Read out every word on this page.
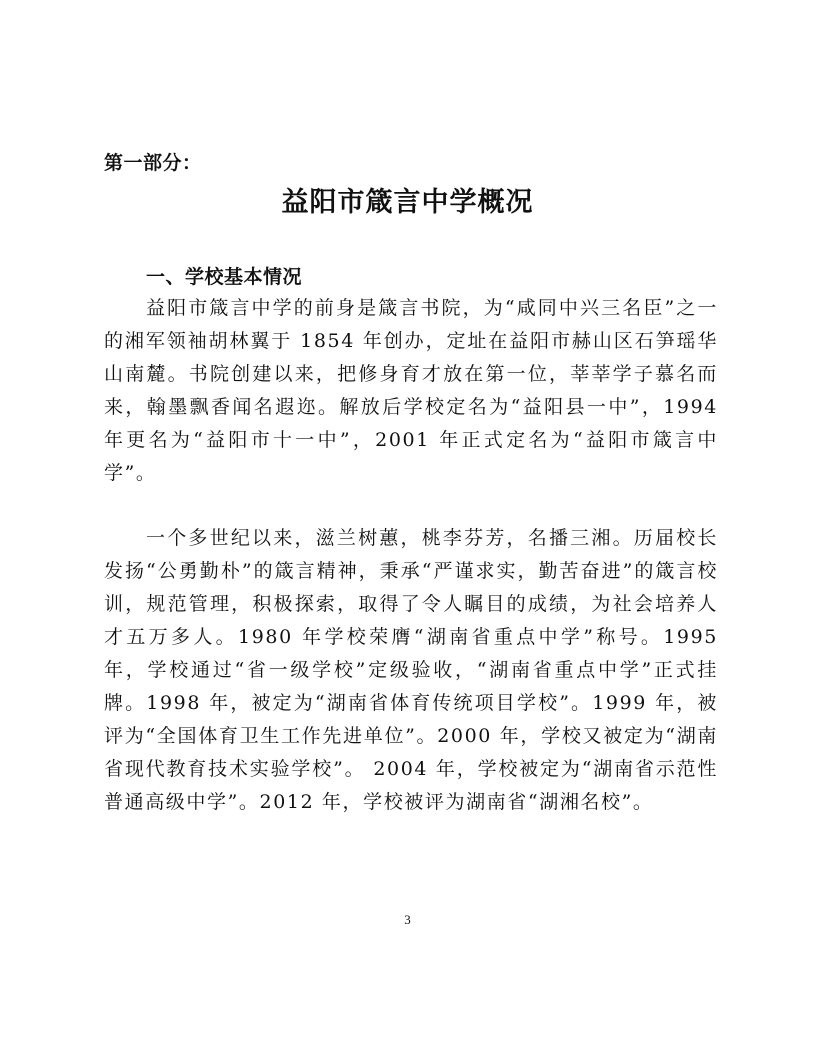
第一部分：
益阳市箴言中学概况
一、学校基本情况

益阳市箴言中学的前身是箴言书院，为“咸同中兴三名臣”之一的湘军领袖胡林翼于 1854 年创办，定址在益阳市赫山区石笋瑶华山南麓。书院创建以来，把修身育才放在第一位，莘莘学子慕名而来，翰墨飘香闻名遐迩。解放后学校定名为“益阳县一中”，1994 年更名为“益阳市十一中”，2001 年正式定名为“益阳市箴言中学”。

一个多世纪以来，滋兰树蕙，桃李芬芳，名播三湘。历届校长发扬“公勇勤朴”的箴言精神，秉承“严谨求实，勤苦奋进”的箴言校训，规范管理，积极探索，取得了令人瞩目的成绩，为社会培养人才五万多人。1980 年学校荣膺“湖南省重点中学”称号。1995 年，学校通过“省一级学校”定级验收，“湖南省重点中学”正式挂牌。1998 年，被定为“湖南省体育传统项目学校”。1999 年，被评为“全国体育卫生工作先进单位”。2000 年，学校又被定为“湖南省现代教育技术实验学校”。 2004 年，学校被定为“湖南省示范性普通高级中学”。2012 年，学校被评为湖南省“湖湘名校”。

3
